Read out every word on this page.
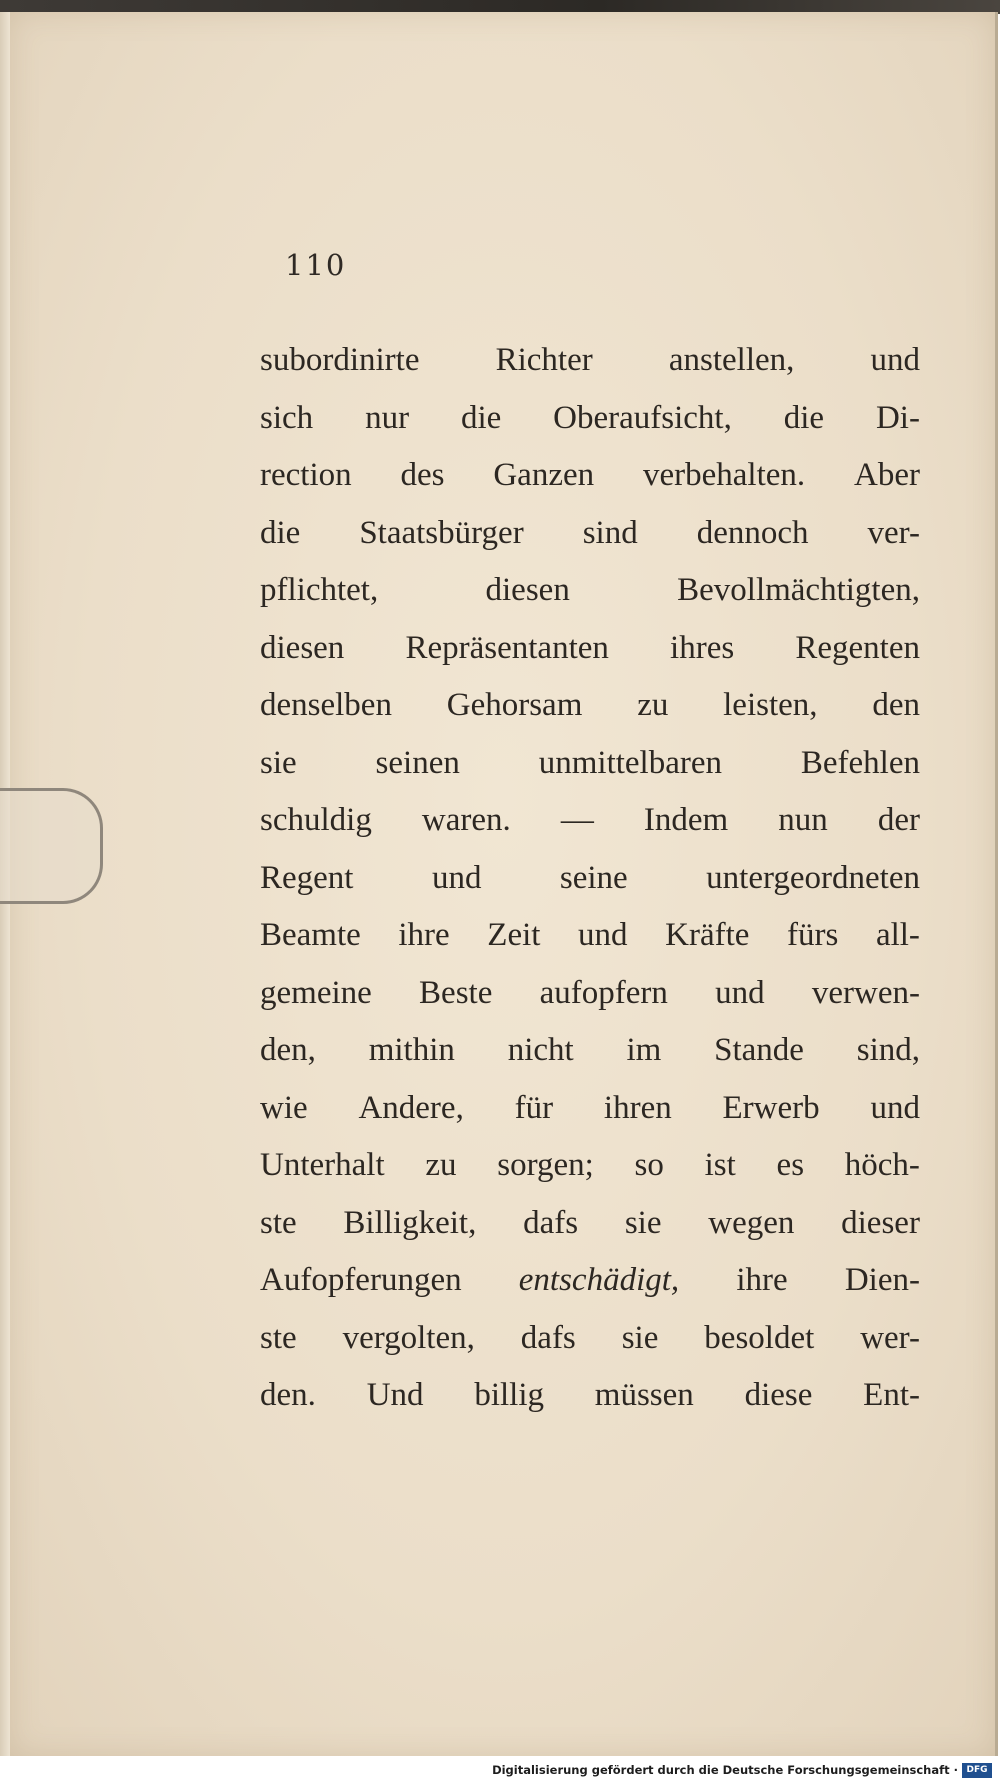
110
subordinirte Richter anstellen, und
sich nur die Oberaufsicht, die Di-
rection des Ganzen verbehalten. Aber
die Staatsbürger sind dennoch ver-
pflichtet,	diesen	Bevollmächtigten,
diesen Repräsentanten ihres Regenten
denselben Gehorsam zu leisten, den
sie seinen unmittelbaren Befehlen
schuldig waren. — Indem nun der
Regent und seine untergeordneten
Beamte ihre Zeit und Kräfte fürs all-
gemeine Beste aufopfern und verwen-
den, mithin nicht im Stande sind,
wie Andere, für ihren Erwerb und
Unterhalt zu sorgen; so ist es höch-
ste Billigkeit, dafs sie wegen dieser
Aufopferungen entschädigt, ihre Dien-
ste vergolten, dafs sie besoldet wer-
den. Und billig müssen diese Ent-
Digitalisierung gefördert durch die Deutsche Forschungsgemeinschaft · DFG
